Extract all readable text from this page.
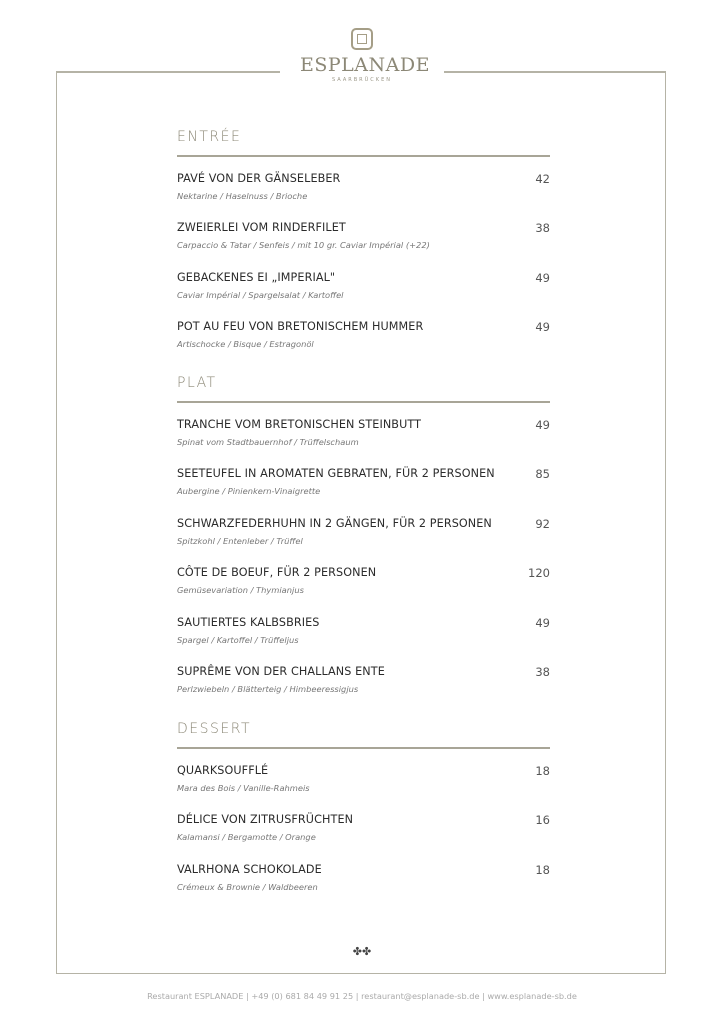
ESPLANADE
SAARBRÜCKEN
ENTRÉE
PAVÉ VON DER GÄNSELEBER	42
Nektarine / Haselnuss / Brioche
ZWEIERLEI VOM RINDERFILET	38
Carpaccio & Tatar / Senfeis / mit 10 gr. Caviar Impérial (+22)
GEBACKENES EI „IMPERIAL"	49
Caviar Impérial / Spargelsalat / Kartoffel
POT AU FEU VON BRETONISCHEM HUMMER	49
Artischocke / Bisque / Estragonöl
PLAT
TRANCHE VOM BRETONISCHEN STEINBUTT	49
Spinat vom Stadtbauernhof / Trüffelschaum
SEETEUFEL IN AROMATEN GEBRATEN, FÜR 2 PERSONEN	85
Aubergine / Pinienkern-Vinaigrette
SCHWARZFEDERHUHN IN 2 GÄNGEN, FÜR 2 PERSONEN	92
Spitzkohl / Entenleber / Trüffel
CÔTE DE BOEUF, FÜR 2 PERSONEN	120
Gemüsevariation / Thymianjus
SAUTIERTES KALBSBRIES	49
Spargel / Kartoffel / Trüffeljus
SUPRÊME VON DER CHALLANS ENTE	38
Perlzwiebeln / Blätterteig / Himbeeressigjus
DESSERT
QUARKSOUFFLÉ	18
Mara des Bois / Vanille-Rahmeis
DÉLICE VON ZITRUSFRÜCHTEN	16
Kalamansi / Bergamotte / Orange
VALRHONA SCHOKOLADE	18
Crémeux & Brownie / Waldbeeren
✤✤
Restaurant ESPLANADE | +49 (0) 681 84 49 91 25 | restaurant@esplanade-sb.de | www.esplanade-sb.de
